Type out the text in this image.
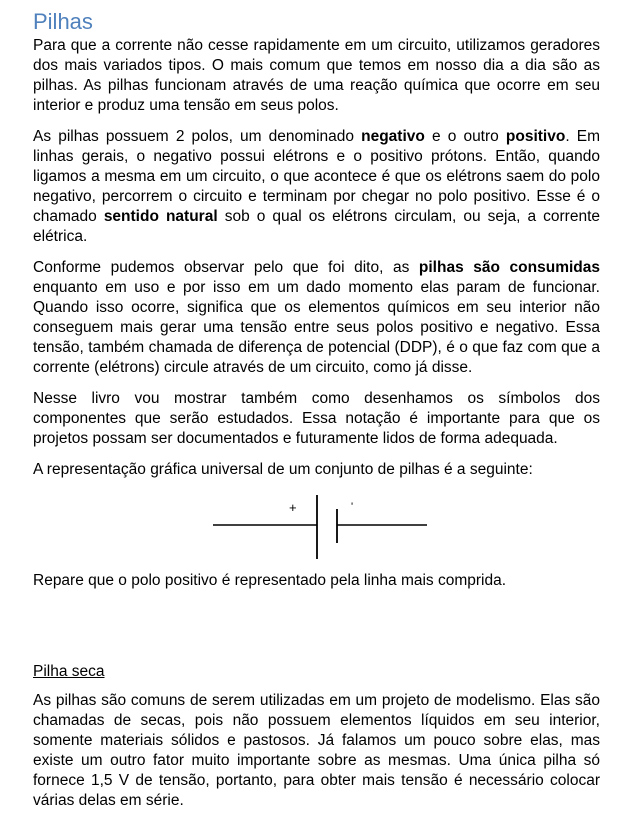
Pilhas

Para que a corrente não cesse rapidamente em um circuito, utilizamos geradores dos mais variados tipos. O mais comum que temos em nosso dia a dia são as pilhas. As pilhas funcionam através de uma reação química que ocorre em seu interior e produz uma tensão em seus polos.

As pilhas possuem 2 polos, um denominado negativo e o outro positivo. Em linhas gerais, o negativo possui elétrons e o positivo prótons. Então, quando ligamos a mesma em um circuito, o que acontece é que os elétrons saem do polo negativo, percorrem o circuito e terminam por chegar no polo positivo. Esse é o chamado sentido natural sob o qual os elétrons circulam, ou seja, a corrente elétrica.

Conforme pudemos observar pelo que foi dito, as pilhas são consumidas enquanto em uso e por isso em um dado momento elas param de funcionar. Quando isso ocorre, significa que os elementos químicos em seu interior não conseguem mais gerar uma tensão entre seus polos positivo e negativo. Essa tensão, também chamada de diferença de potencial (DDP), é o que faz com que a corrente (elétrons) circule através de um circuito, como já disse.

Nesse livro vou mostrar também como desenhamos os símbolos dos componentes que serão estudados. Essa notação é importante para que os projetos possam ser documentados e futuramente lidos de forma adequada.

A representação gráfica universal de um conjunto de pilhas é a seguinte:

+	'

Repare que o polo positivo é representado pela linha mais comprida.

Pilha seca

As pilhas são comuns de serem utilizadas em um projeto de modelismo. Elas são chamadas de secas, pois não possuem elementos líquidos em seu interior, somente materiais sólidos e pastosos. Já falamos um pouco sobre elas, mas existe um outro fator muito importante sobre as mesmas. Uma única pilha só fornece 1,5 V de tensão, portanto, para obter mais tensão é necessário colocar várias delas em série.
